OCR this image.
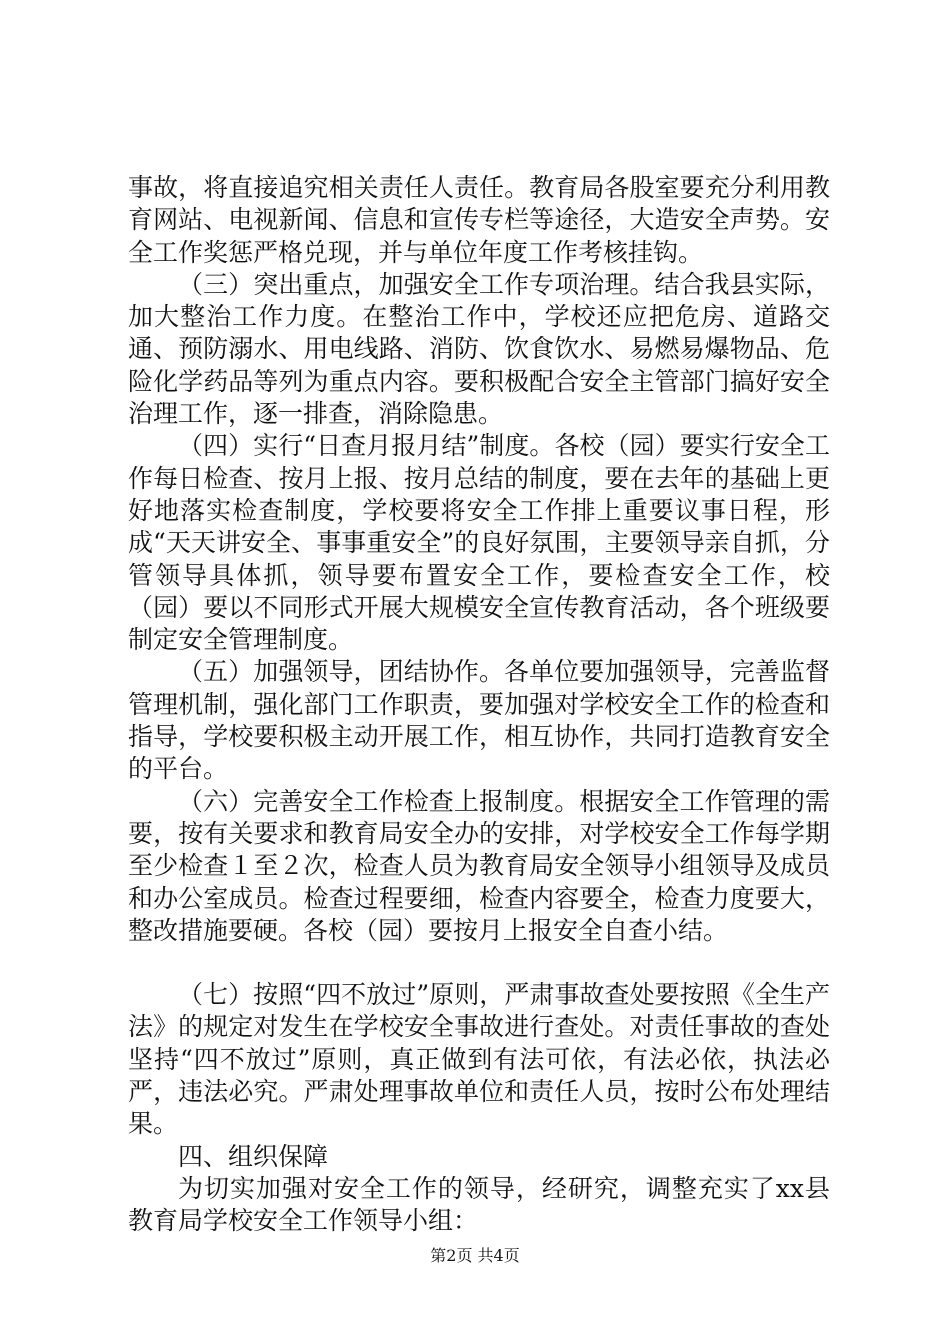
事故，将直接追究相关责任人责任。教育局各股室要充分利用教育网站、电视新闻、信息和宣传专栏等途径，大造安全声势。安全工作奖惩严格兑现，并与单位年度工作考核挂钩。

（三）突出重点，加强安全工作专项治理。结合我县实际，加大整治工作力度。在整治工作中，学校还应把危房、道路交通、预防溺水、用电线路、消防、饮食饮水、易燃易爆物品、危险化学药品等列为重点内容。要积极配合安全主管部门搞好安全治理工作，逐一排查，消除隐患。

（四）实行“日查月报月结”制度。各校（园）要实行安全工作每日检查、按月上报、按月总结的制度，要在去年的基础上更好地落实检查制度，学校要将安全工作排上重要议事日程，形成“天天讲安全、事事重安全”的良好氛围，主要领导亲自抓，分管领导具体抓，领导要布置安全工作，要检查安全工作，校（园）要以不同形式开展大规模安全宣传教育活动，各个班级要制定安全管理制度。

（五）加强领导，团结协作。各单位要加强领导，完善监督管理机制，强化部门工作职责，要加强对学校安全工作的检查和指导，学校要积极主动开展工作，相互协作，共同打造教育安全的平台。

（六）完善安全工作检查上报制度。根据安全工作管理的需要，按有关要求和教育局安全办的安排，对学校安全工作每学期至少检查１至２次，检查人员为教育局安全领导小组领导及成员和办公室成员。检查过程要细，检查内容要全，检查力度要大，整改措施要硬。各校（园）要按月上报安全自查小结。

（七）按照“四不放过”原则，严肃事故查处要按照《全生产法》的规定对发生在学校安全事故进行查处。对责任事故的查处坚持“四不放过”原则，真正做到有法可依，有法必依，执法必严，违法必究。严肃处理事故单位和责任人员，按时公布处理结果。

四、组织保障

为切实加强对安全工作的领导，经研究，调整充实了xx县教育局学校安全工作领导小组：

第2页 共4页
